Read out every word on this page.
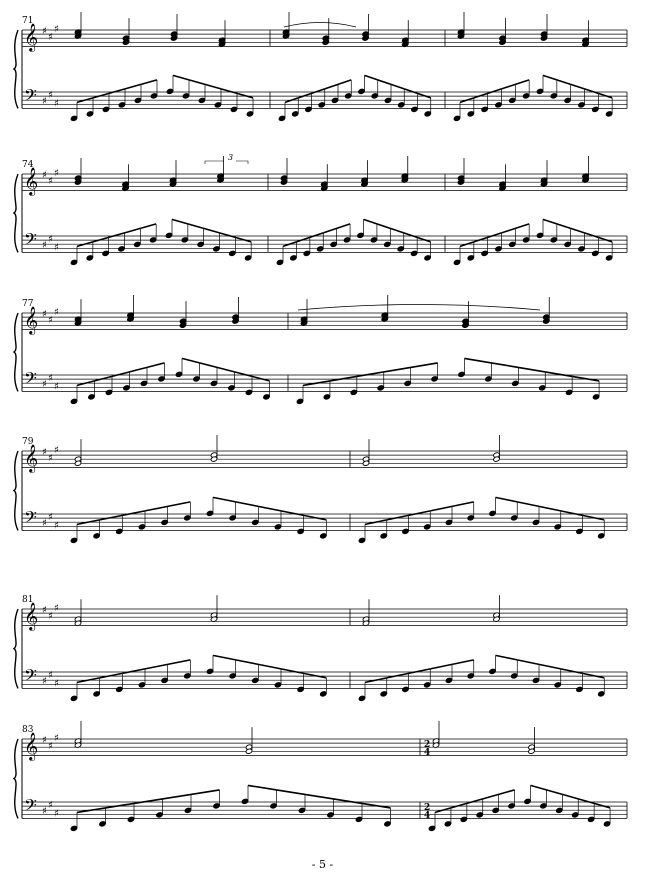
𝄞
𝄢
♯
♯
♯
♯
♯
♯
71
𝄞
𝄢
♯
♯
♯
♯
♯
♯
74
3
𝄞
𝄢
♯
♯
♯
♯
♯
♯
77
𝄞
𝄢
♯
♯
♯
♯
♯
♯
79
𝄞
𝄢
♯
♯
♯
♯
♯
♯
81
𝄞
𝄢
♯
♯
♯
♯
♯
♯
83
2
4
2
4
- 5 -
